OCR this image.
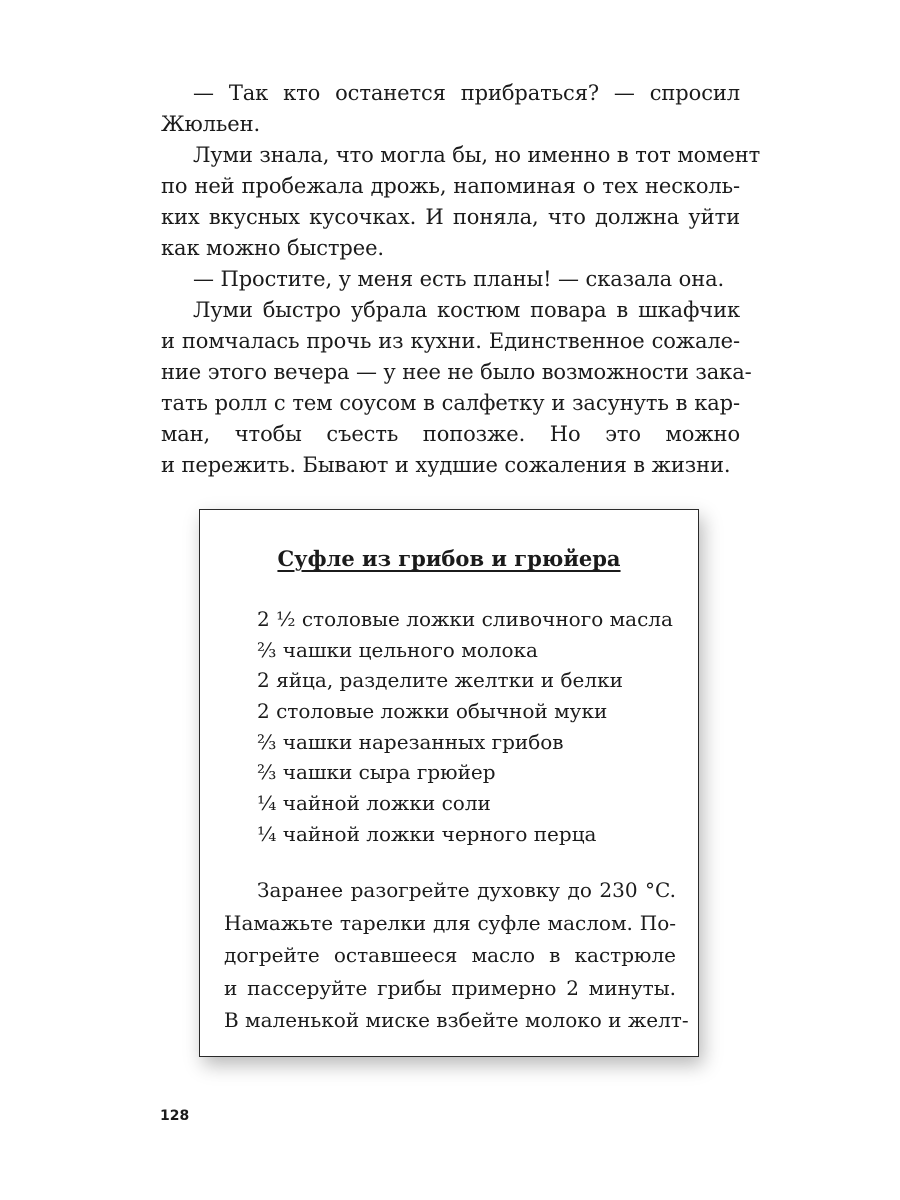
— Так кто останется прибраться? — спросил
Жюльен.
Луми знала, что могла бы, но именно в тот момент
по ней пробежала дрожь, напоминая о тех несколь-
ких вкусных кусочках. И поняла, что должна уйти
как можно быстрее.
— Простите, у меня есть планы! — сказала она.
Луми быстро убрала костюм повара в шкафчик
и помчалась прочь из кухни. Единственное сожале-
ние этого вечера — у нее не было возможности зака-
тать ролл с тем соусом в салфетку и засунуть в кар-
ман, чтобы съесть попозже. Но это можно
и пережить. Бывают и худшие сожаления в жизни.
Суфле из грибов и грюйера
2 ½ столовые ложки сливочного масла
⅔ чашки цельного молока
2 яйца, разделите желтки и белки
2 столовые ложки обычной муки
⅔ чашки нарезанных грибов
⅔ чашки сыра грюйер
¼ чайной ложки соли
¼ чайной ложки черного перца
Заранее разогрейте духовку до 230 °C.
Намажьте тарелки для суфле маслом. По-
догрейте оставшееся масло в кастрюле
и пассеруйте грибы примерно 2 минуты.
В маленькой миске взбейте молоко и желт-
128
